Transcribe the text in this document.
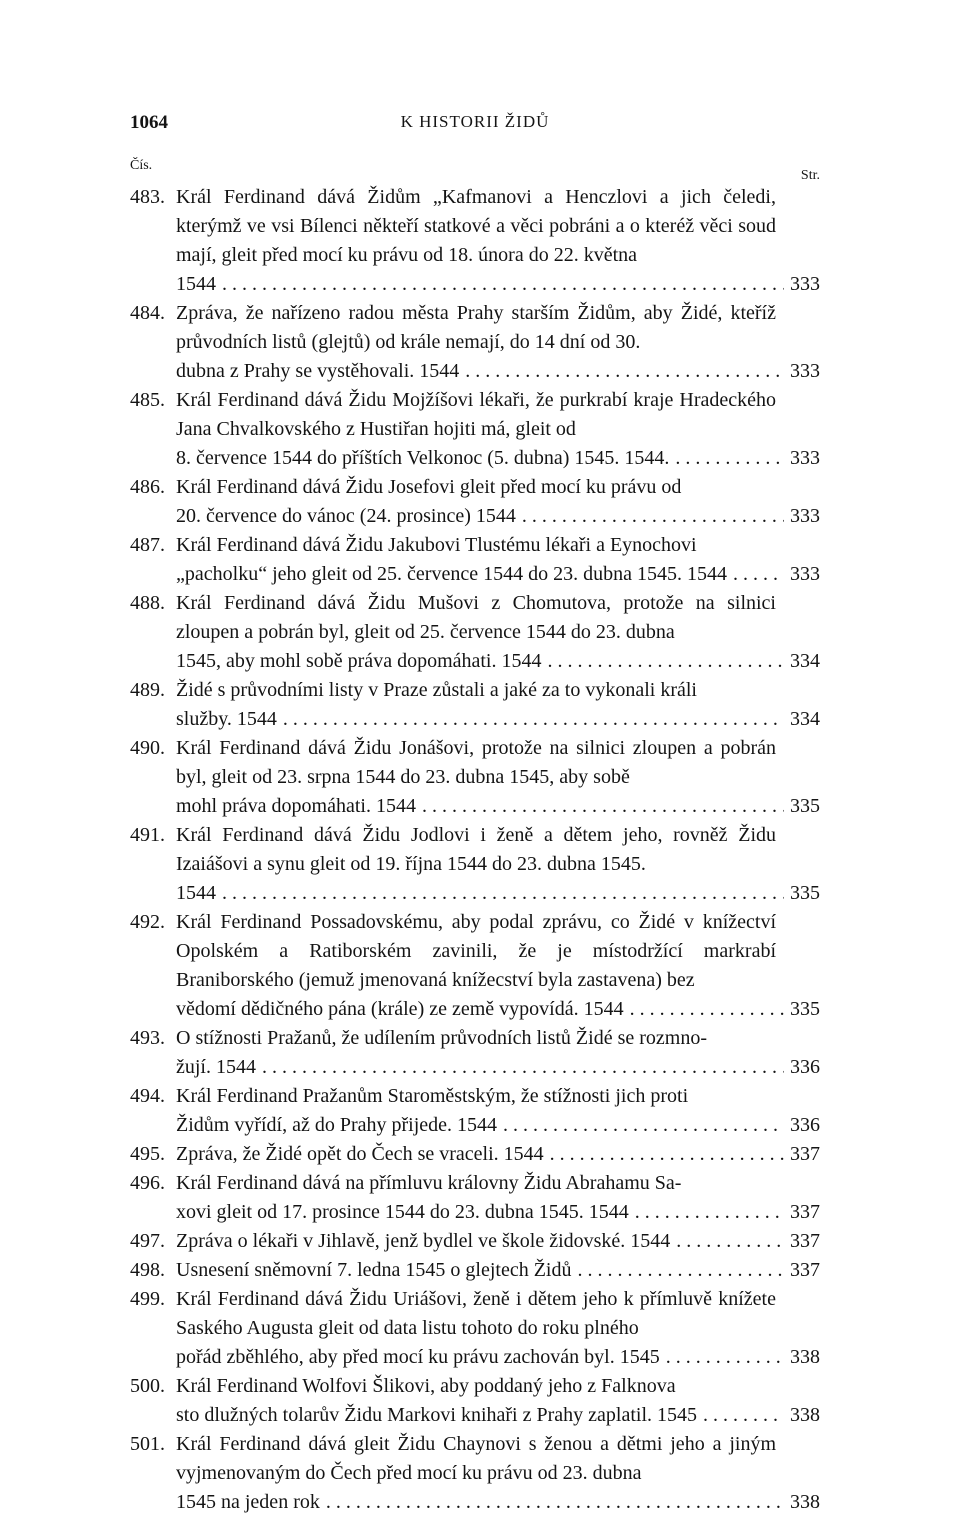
1064	K HISTORII ŽIDŮ
Čís.
Str.
483. Král Ferdinand dává Židům „Kafmanovi a Henczlovi a jich čeledi, kterýmž ve vsi Bílenci někteří statkové a věci pobráni a o kteréž věci soud mají, gleit před mocí ku právu od 18. února do 22. května
1544 . . .	333
484. Zpráva, že nařízeno radou města Prahy starším Židům, aby Židé, kteříž průvodních listů (glejtů) od krále nemají, do 14 dní od 30.
dubna z Prahy se vystěhovali. 1544 . . .	333
485. Král Ferdinand dává Židu Mojžíšovi lékaři, že purkrabí kraje Hradeckého Jana Chvalkovského z Hustiřan hojiti má, gleit od
8. července 1544 do příštích Velkonoc (5. dubna) 1545. 1544. . . .	333
486. Král Ferdinand dává Židu Josefovi gleit před mocí ku právu od
20. července do vánoc (24. prosince) 1544 . . .	333
487. Král Ferdinand dává Židu Jakubovi Tlustému lékaři a Eynochovi
„pacholku“ jeho gleit od 25. července 1544 do 23. dubna 1545. 1544 . . .	333
488. Král Ferdinand dává Židu Mušovi z Chomutova, protože na silnici zloupen a pobrán byl, gleit od 25. července 1544 do 23. dubna
1545, aby mohl sobě práva dopomáhati. 1544 . . .	334
489. Židé s průvodními listy v Praze zůstali a jaké za to vykonali králi
služby. 1544 . . .	334
490. Král Ferdinand dává Židu Jonášovi, protože na silnici zloupen a pobrán byl, gleit od 23. srpna 1544 do 23. dubna 1545, aby sobě
mohl práva dopomáhati. 1544 . . .	335
491. Král Ferdinand dává Židu Jodlovi i ženě a dětem jeho, rovněž Židu Izaiášovi a synu gleit od 19. října 1544 do 23. dubna 1545.
1544 . . .	335
492. Král Ferdinand Possadovskému, aby podal zprávu, co Židé v knížectví Opolském a Ratiborském zavinili, že je místodržící markrabí Braniborského (jemuž jmenovaná knížecství byla zastavena) bez
vědomí dědičného pána (krále) ze země vypovídá. 1544 . . .	335
493. O stížnosti Pražanů, že udílením průvodních listů Židé se rozmno-
žují. 1544 . . .	336
494. Král Ferdinand Pražanům Staroměstským, že stížnosti jich proti
Židům vyřídí, až do Prahy přijede. 1544 . . .	336
495. Zpráva, že Židé opět do Čech se vraceli. 1544 . . .	337
496. Král Ferdinand dává na přímluvu královny Židu Abrahamu Sa-
xovi gleit od 17. prosince 1544 do 23. dubna 1545. 1544 . . .	337
497. Zpráva o lékaři v Jihlavě, jenž bydlel ve škole židovské. 1544 . . .	337
498. Usnesení sněmovní 7. ledna 1545 o glejtech Židů . . .	337
499. Král Ferdinand dává Židu Uriášovi, ženě i dětem jeho k přímluvě knížete Saského Augusta gleit od data listu tohoto do roku plného
pořád zběhlého, aby před mocí ku právu zachován byl. 1545 . . .	338
500. Král Ferdinand Wolfovi Šlikovi, aby poddaný jeho z Falknova
sto dlužných tolarův Židu Markovi knihaři z Prahy zaplatil. 1545 . . .	338
501. Král Ferdinand dává gleit Židu Chaynovi s ženou a dětmi jeho a jiným vyjmenovaným do Čech před mocí ku právu od 23. dubna
1545 na jeden rok . . .	338
